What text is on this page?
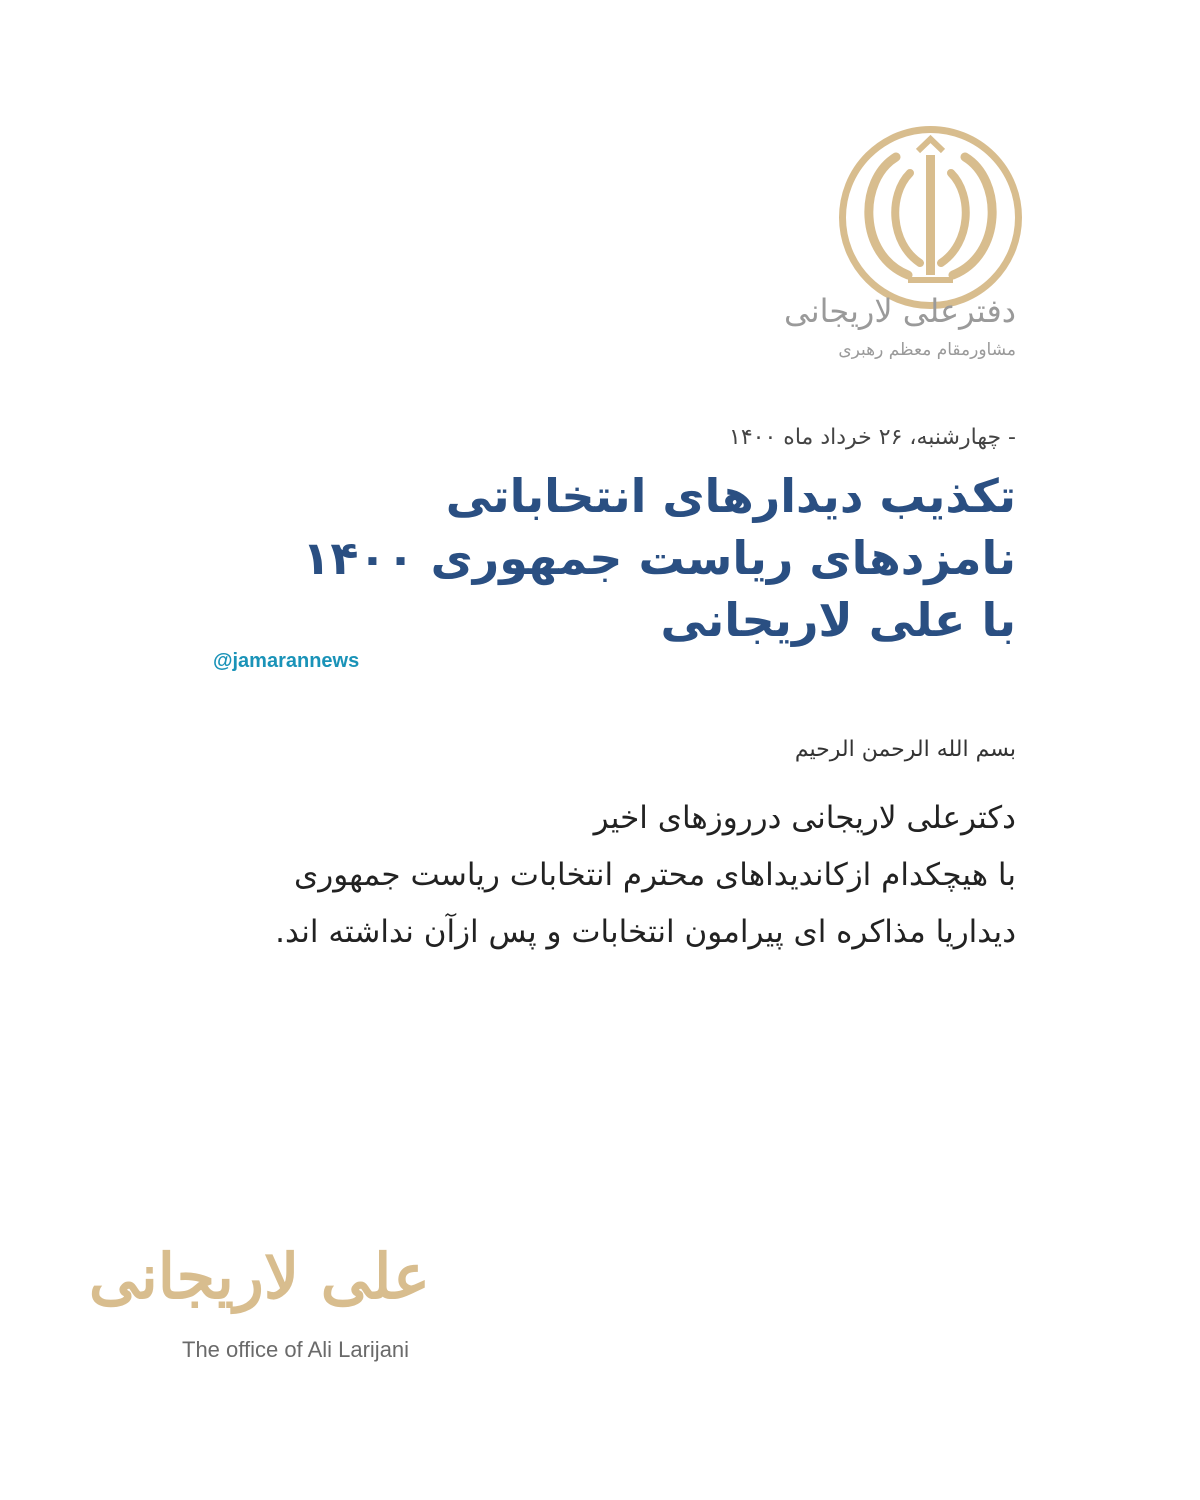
دفترعلی لاریجانی
مشاورمقام معظم رهبری
- چهارشنبه، ۲۶ خرداد ماه ۱۴۰۰
تکذیب دیدارهای انتخاباتی
نامزدهای ریاست جمهوری ۱۴۰۰
با علی لاریجانی
@jamarannews
بسم الله الرحمن الرحیم
دکترعلی لاریجانی درروزهای اخیر
با هیچکدام ازکاندیداهای محترم انتخابات ریاست جمهوری
دیداریا مذاکره ای پیرامون انتخابات و پس ازآن نداشته اند.
علی لاریجانی
The office of Ali Larijani
